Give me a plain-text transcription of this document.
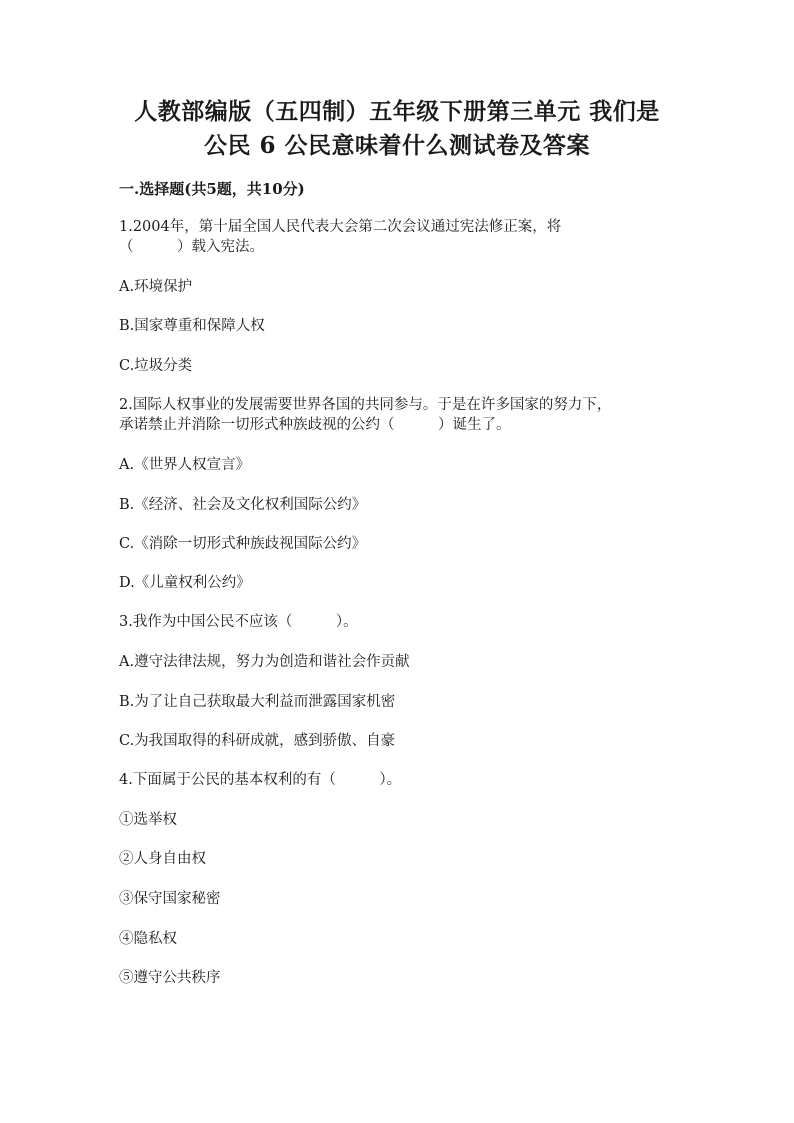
人教部编版（五四制）五年级下册第三单元 我们是
公民 6 公民意味着什么测试卷及答案
一.选择题(共5题，共10分)
1.2004年，第十届全国人民代表大会第二次会议通过宪法修正案，将
（　　　）载入宪法。
A.环境保护
B.国家尊重和保障人权
C.垃圾分类
2.国际人权事业的发展需要世界各国的共同参与。于是在许多国家的努力下，
承诺禁止并消除一切形式种族歧视的公约（　　　）诞生了。
A.《世界人权宣言》
B.《经济、社会及文化权利国际公约》
C.《消除一切形式种族歧视国际公约》
D.《儿童权利公约》
3.我作为中国公民不应该（　　　）。
A.遵守法律法规，努力为创造和谐社会作贡献
B.为了让自己获取最大利益而泄露国家机密
C.为我国取得的科研成就，感到骄傲、自豪
4.下面属于公民的基本权利的有（　　　）。
①选举权
②人身自由权
③保守国家秘密
④隐私权
⑤遵守公共秩序
